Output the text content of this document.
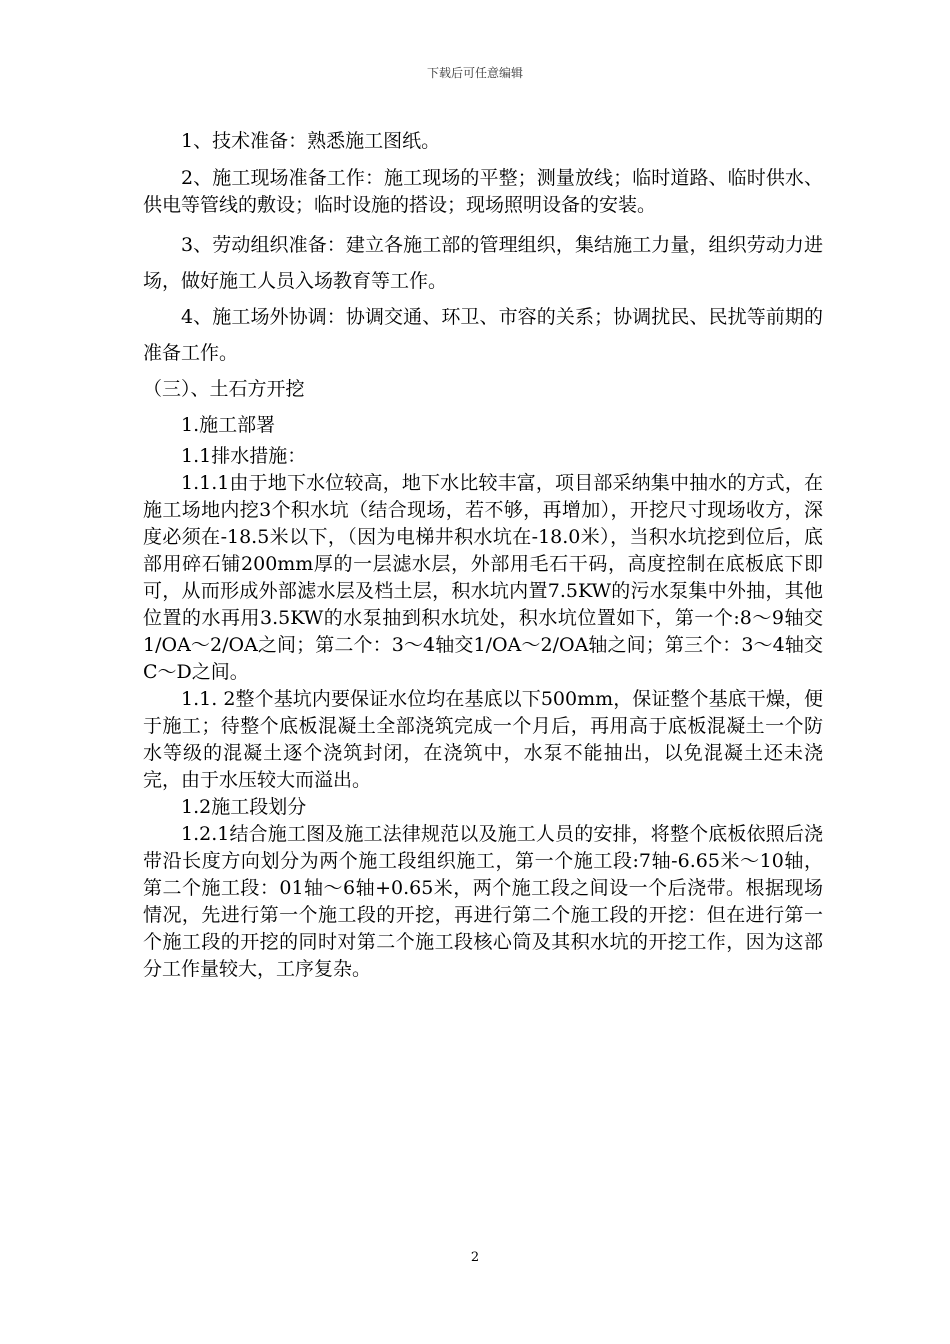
下载后可任意编辑

1、技术准备：熟悉施工图纸。

2、施工现场准备工作：施工现场的平整；测量放线；临时道路、临时供水、供电等管线的敷设；临时设施的搭设；现场照明设备的安装。

3、劳动组织准备：建立各施工部的管理组织，集结施工力量，组织劳动力进场，做好施工人员入场教育等工作。

4、施工场外协调：协调交通、环卫、市容的关系；协调扰民、民扰等前期的准备工作。

（三）、土石方开挖

1.施工部署

1.1排水措施：

1.1.1由于地下水位较高，地下水比较丰富，项目部采纳集中抽水的方式，在施工场地内挖3个积水坑（结合现场，若不够，再增加），开挖尺寸现场收方，深度必须在-18.5米以下，（因为电梯井积水坑在-18.0米），当积水坑挖到位后，底部用碎石铺200mm厚的一层滤水层，外部用毛石干码，高度控制在底板底下即可，从而形成外部滤水层及档土层，积水坑内置7.5KW的污水泵集中外抽，其他位置的水再用3.5KW的水泵抽到积水坑处，积水坑位置如下，第一个:8～9轴交1/OA～2/OA之间；第二个：3～4轴交1/OA～2/OA轴之间；第三个：3～4轴交C～D之间。

1.1. 2整个基坑内要保证水位均在基底以下500mm，保证整个基底干燥，便于施工；待整个底板混凝土全部浇筑完成一个月后，再用高于底板混凝土一个防水等级的混凝土逐个浇筑封闭，在浇筑中，水泵不能抽出，以免混凝土还未浇完，由于水压较大而溢出。

1.2施工段划分

1.2.1结合施工图及施工法律规范以及施工人员的安排，将整个底板依照后浇带沿长度方向划分为两个施工段组织施工，第一个施工段:7轴-6.65米～10轴，第二个施工段：01轴～6轴+0.65米，两个施工段之间设一个后浇带。根据现场情况，先进行第一个施工段的开挖，再进行第二个施工段的开挖：但在进行第一个施工段的开挖的同时对第二个施工段核心筒及其积水坑的开挖工作，因为这部分工作量较大，工序复杂。

2
